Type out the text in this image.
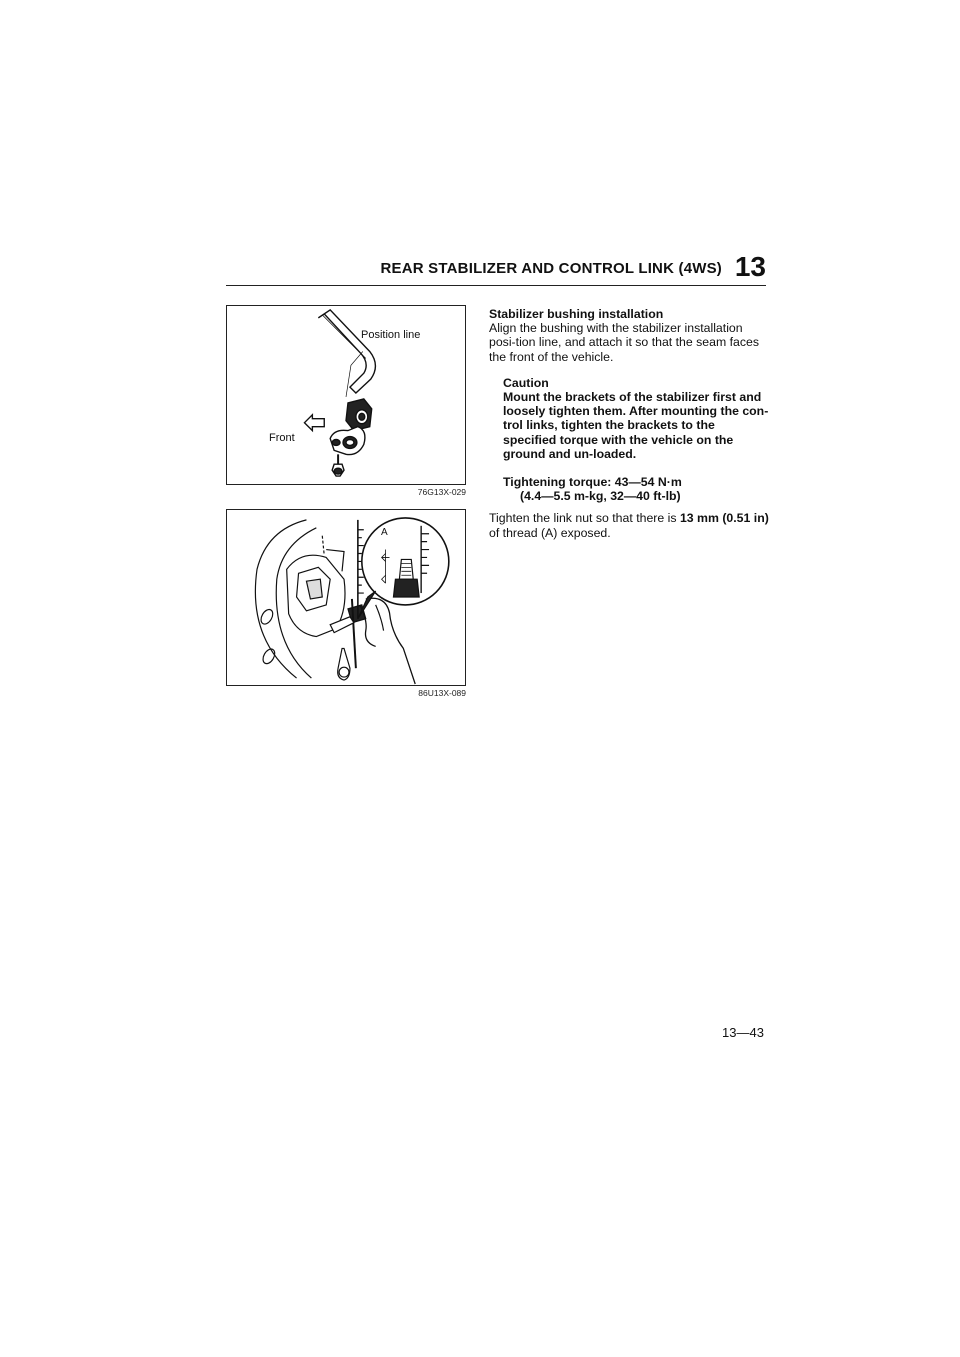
REAR STABILIZER AND CONTROL LINK (4WS) 13
Position line
Front
76G13X-029
A
86U13X-089

Stabilizer bushing installation

Align the bushing with the stabilizer installation posi-tion line, and attach it so that the seam faces the front of the vehicle.

Caution

Mount the brackets of the stabilizer first and loosely tighten them. After mounting the con-trol links, tighten the brackets to the specified torque with the vehicle on the ground and un-loaded.

Tightening torque: 43—54 N·m

(4.4—5.5 m-kg, 32—40 ft-lb)

Tighten the link nut so that there is 13 mm (0.51 in) of thread (A) exposed.

13—43
